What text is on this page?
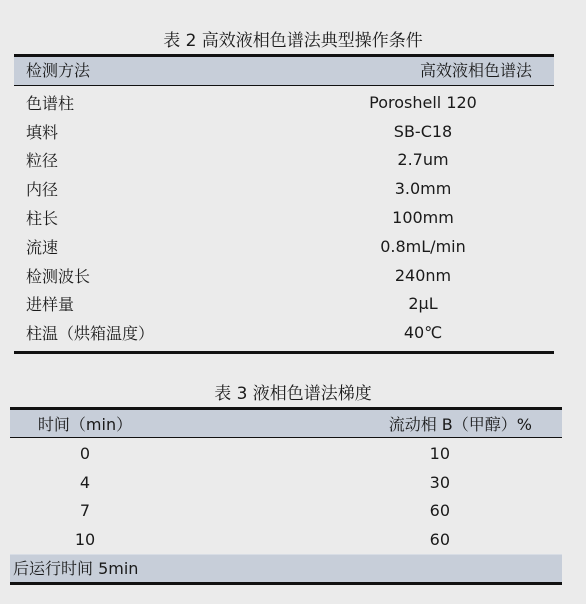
表 2 高效液相色谱法典型操作条件
检测方法	高效液相色谱法
色谱柱	Poroshell 120
填料	SB-C18
粒径	2.7um
内径	3.0mm
柱长	100mm
流速	0.8mL/min
检测波长	240nm
进样量	2μL
柱温（烘箱温度）	40℃
表 3 液相色谱法梯度
时间（min）	流动相 B（甲醇）%
0	10
4	30
7	60
10	60
后运行时间 5min
